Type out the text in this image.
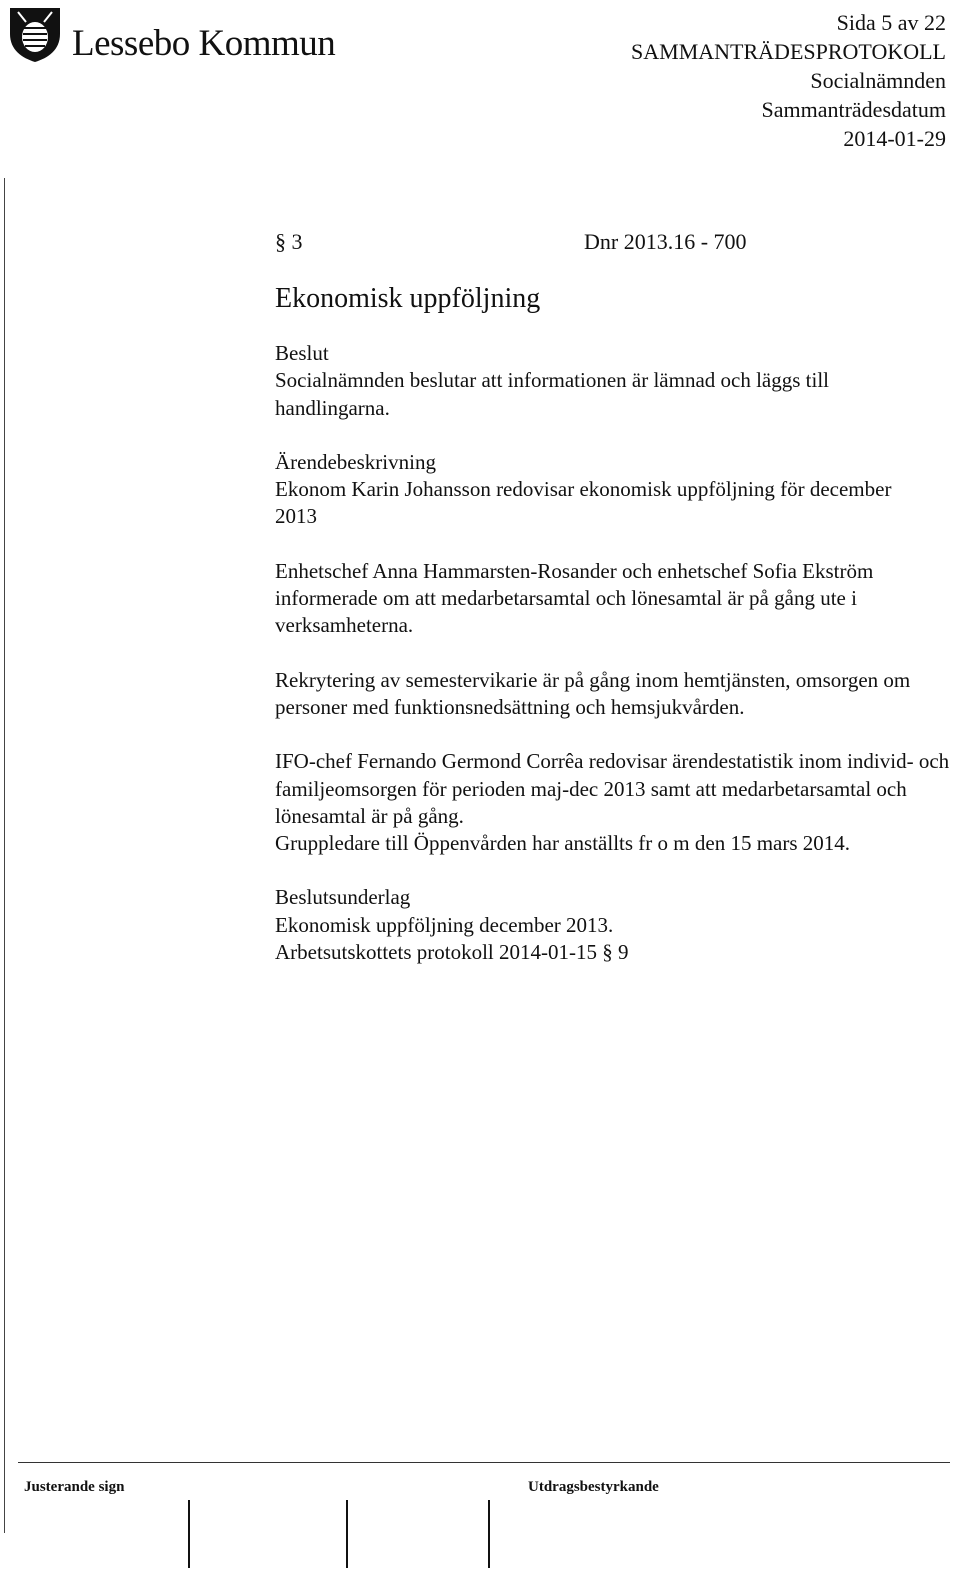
Lessebo Kommun
Sida 5 av 22
SAMMANTRÄDESPROTOKOLL
Socialnämnden
Sammanträdesdatum
2014-01-29
§ 3	Dnr 2013.16 - 700
Ekonomisk uppföljning

Beslut

Socialnämnden beslutar att informationen är lämnad och läggs till handlingarna.

Ärendebeskrivning

Ekonom Karin Johansson redovisar ekonomisk uppföljning för december 2013

Enhetschef Anna Hammarsten-Rosander och enhetschef Sofia Ekström informerade om att medarbetarsamtal och lönesamtal är på gång ute i verksamheterna.

Rekrytering av semestervikarie är på gång inom hemtjänsten, omsorgen om personer med funktionsnedsättning och hemsjukvården.

IFO-chef Fernando Germond Corrêa redovisar ärendestatistik inom individ- och familjeomsorgen för perioden maj-dec 2013 samt att medarbetarsamtal och lönesamtal är på gång.

Gruppledare till Öppenvården har anställts fr o m den 15 mars 2014.

Beslutsunderlag

Ekonomisk uppföljning december 2013.

Arbetsutskottets protokoll 2014-01-15 § 9

Justerande sign	Utdragsbestyrkande
